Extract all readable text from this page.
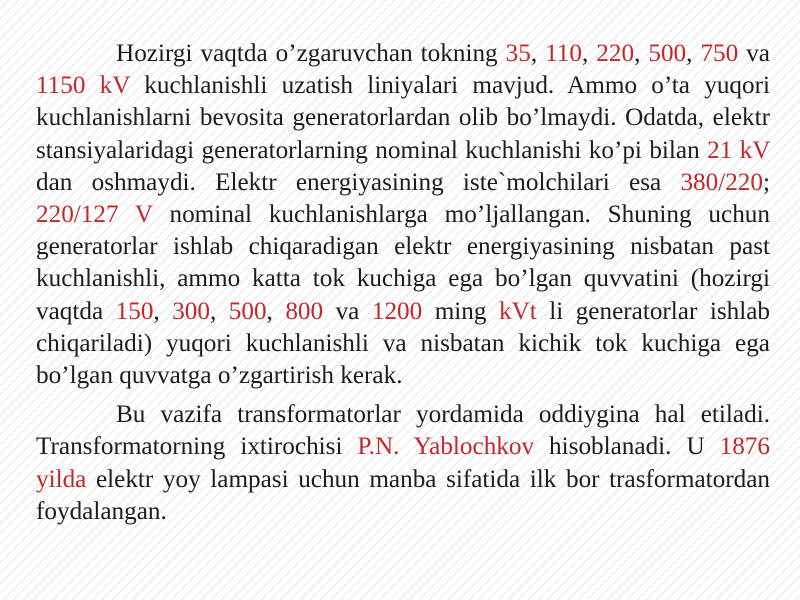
Hozirgi vaqtda o’zgaruvchan tokning 35, 110, 220, 500, 750 va 1150 kV kuchlanishli uzatish liniyalari mavjud. Ammo o’ta yuqori kuchlanishlarni bevosita generatorlardan olib bo’lmaydi. Odatda, elektr stansiyalaridagi generatorlarning nominal kuchlanishi ko’pi bilan 21 kV dan oshmaydi. Elektr energiyasining iste`molchilari esa 380/220; 220/127 V nominal kuchlanishlarga mo’ljallangan. Shuning uchun generatorlar ishlab chiqaradigan elektr energiyasining nisbatan past kuchlanishli, ammo katta tok kuchiga ega bo’lgan quvvatini (hozirgi vaqtda 150, 300, 500, 800 va 1200 ming kVt li generatorlar ishlab chiqariladi) yuqori kuchlanishli va nisbatan kichik tok kuchiga ega bo’lgan quvvatga o’zgartirish kerak.

Bu vazifa transformatorlar yordamida oddiygina hal etiladi. Transformatorning ixtirochisi P.N. Yablochkov hisoblanadi. U 1876 yilda elektr yoy lampasi uchun manba sifatida ilk bor trasformatordan foydalangan.
